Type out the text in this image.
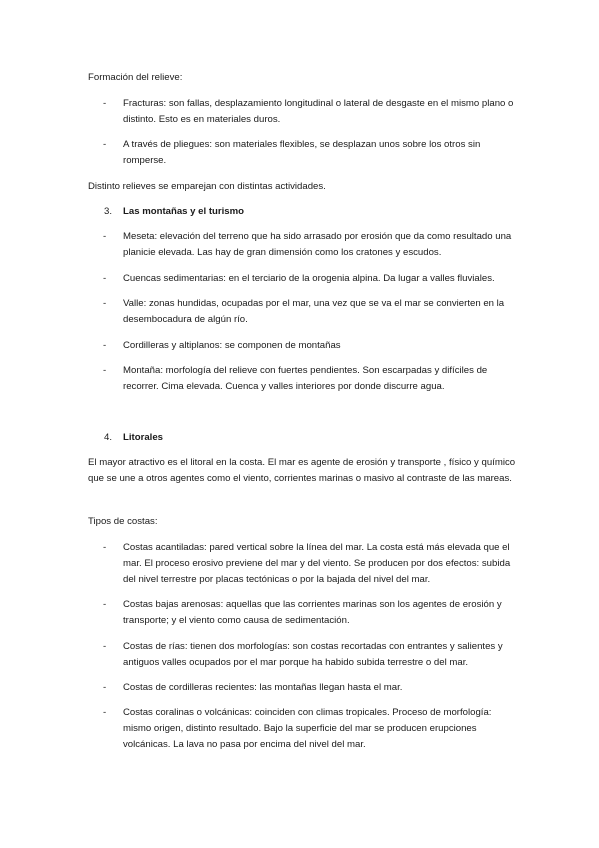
Formación del relieve:

- Fracturas: son fallas, desplazamiento longitudinal o lateral de desgaste en el mismo plano o distinto. Esto es en materiales duros.
- A través de pliegues: son materiales flexibles, se desplazan unos sobre los otros sin romperse.

Distinto relieves se emparejan con distintas actividades.

3. Las montañas y el turismo
- Meseta: elevación del terreno que ha sido arrasado por erosión que da como resultado una planicie elevada. Las hay de gran dimensión como los cratones y escudos.
- Cuencas sedimentarias: en el terciario de la orogenia alpina. Da lugar a valles fluviales.
- Valle: zonas hundidas, ocupadas por el mar, una vez que se va el mar se convierten en la desembocadura de algún río.
- Cordilleras y altiplanos: se componen de montañas
- Montaña: morfología del relieve con fuertes pendientes. Son escarpadas y difíciles de recorrer. Cima elevada. Cuenca y valles interiores por donde discurre agua.
4. Litorales

El mayor atractivo es el litoral en la costa. El mar es agente de erosión y transporte , físico y químico que se une a otros agentes como el viento, corrientes marinas o masivo al contraste de las mareas.

Tipos de costas:

- Costas acantiladas: pared vertical sobre la línea del mar. La costa está más elevada que el mar. El proceso erosivo previene del mar y del viento. Se producen por dos efectos: subida del nivel terrestre por placas tectónicas o por la bajada del nivel del mar.
- Costas bajas arenosas: aquellas que las corrientes marinas son los agentes de erosión y transporte; y el viento como causa de sedimentación.
- Costas de rías: tienen dos morfologías: son costas recortadas con entrantes y salientes y antiguos valles ocupados por el mar porque ha habido subida terrestre o del mar.
- Costas de cordilleras recientes: las montañas llegan hasta el mar.
- Costas coralinas o volcánicas: coinciden con climas tropicales. Proceso de morfología: mismo origen, distinto resultado. Bajo la superficie del mar se producen erupciones volcánicas. La lava no pasa por encima del nivel del mar.
